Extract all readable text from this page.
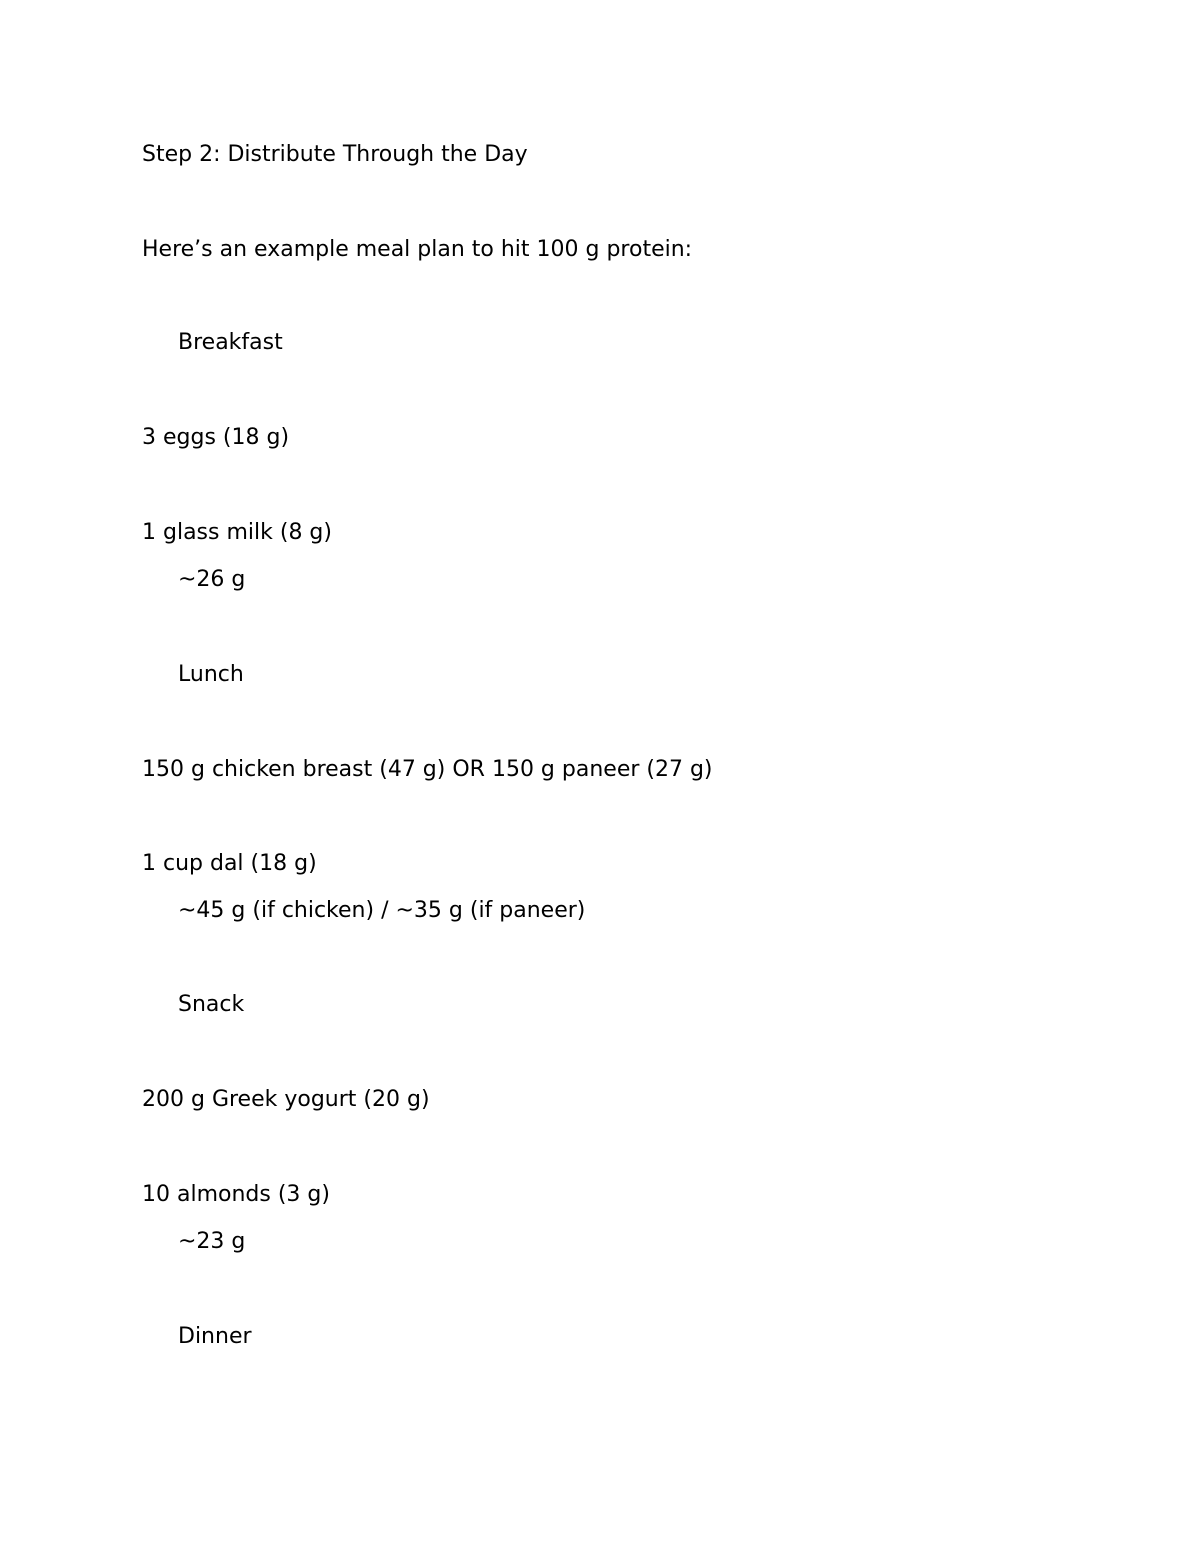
Step 2: Distribute Through the Day
Here’s an example meal plan to hit 100 g protein:
Breakfast
3 eggs (18 g)
1 glass milk (8 g)
~26 g
Lunch
150 g chicken breast (47 g) OR 150 g paneer (27 g)
1 cup dal (18 g)
~45 g (if chicken) / ~35 g (if paneer)
Snack
200 g Greek yogurt (20 g)
10 almonds (3 g)
~23 g
Dinner
